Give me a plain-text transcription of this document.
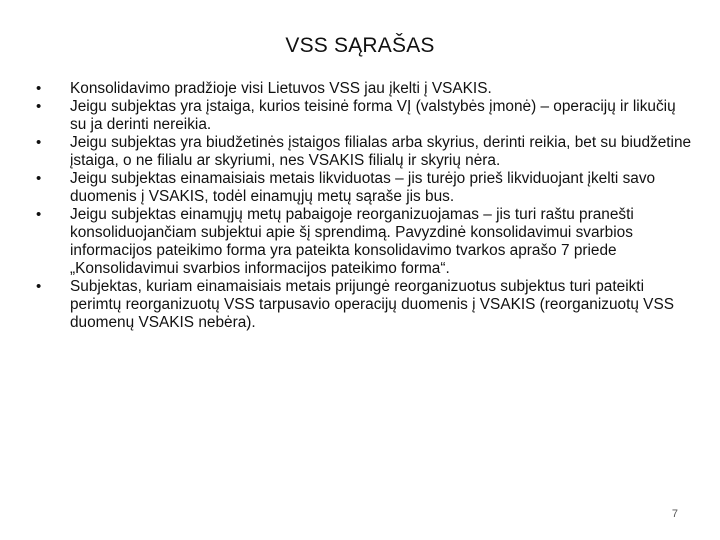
VSS SĄRAŠAS
•	Konsolidavimo pradžioje visi Lietuvos VSS jau įkelti į VSAKIS.
•	Jeigu subjektas yra įstaiga, kurios teisinė forma VĮ (valstybės įmonė) – operacijų ir likučių su ja derinti nereikia.
•	Jeigu subjektas yra biudžetinės įstaigos filialas arba skyrius, derinti reikia, bet su biudžetine įstaiga, o ne filialu ar skyriumi, nes VSAKIS filialų ir skyrių nėra.
•	Jeigu subjektas einamaisiais metais likviduotas – jis turėjo prieš likviduojant įkelti savo duomenis į VSAKIS, todėl einamųjų metų sąraše jis bus.
•	Jeigu subjektas einamųjų metų pabaigoje reorganizuojamas – jis turi raštu pranešti konsoliduojančiam subjektui apie šį sprendimą. Pavyzdinė konsolidavimui svarbios informacijos pateikimo forma yra pateikta konsolidavimo tvarkos aprašo 7 priede „Konsolidavimui svarbios informacijos pateikimo forma“.
•	Subjektas, kuriam einamaisiais metais prijungė reorganizuotus subjektus turi pateikti perimtų reorganizuotų VSS tarpusavio operacijų duomenis į VSAKIS (reorganizuotų VSS duomenų VSAKIS nebėra).
7
